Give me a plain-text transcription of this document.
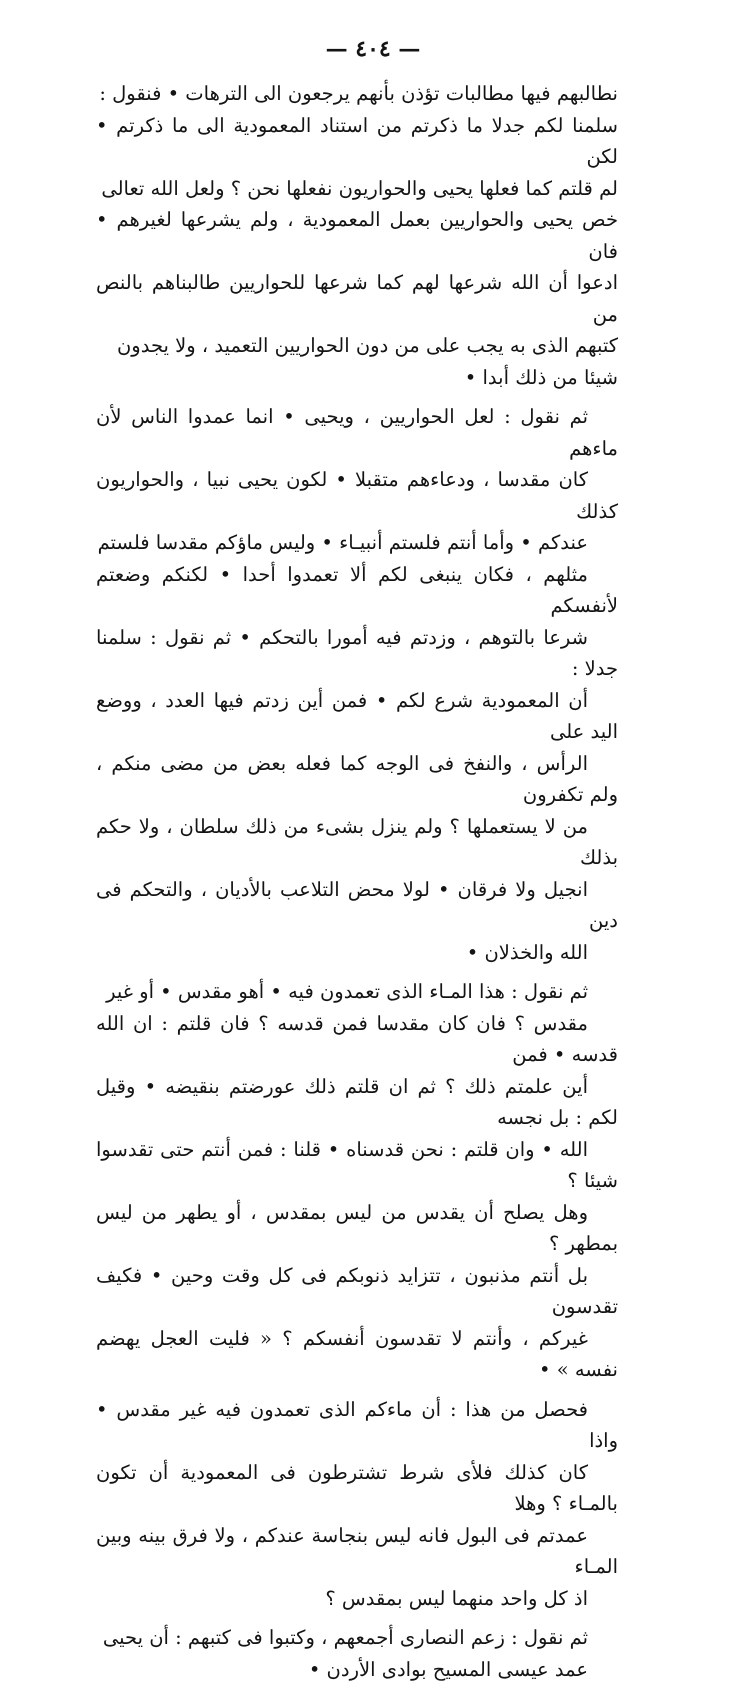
— ٤٠٤ —
نطالبهم فيها مطالبات تؤذن بأنهم يرجعون الى الترهات • فنقول :
سلمنا لكم جدلا ما ذكرتم من استناد المعمودية الى ما ذكرتم • لكن
لم قلتم كما فعلها يحيى والحواريون نفعلها نحن ؟ ولعل الله تعالى
خص يحيى والحواريين بعمل المعمودية ، ولم يشرعها لغيرهم • فان
ادعوا أن الله شرعها لهم كما شرعها للحواريين طالبناهم بالنص من
كتبهم الذى به يجب على من دون الحواريين التعميد ، ولا يجدون
شيئا من ذلك أبدا •
ثم نقول : لعل الحواريين ، ويحيى • انما عمدوا الناس لأن ماءهم
كان مقدسا ، ودعاءهم متقبلا • لكون يحيى نبيا ، والحواريون كذلك
عندكم • وأما أنتم فلستم أنبيـاء • وليس ماؤكم مقدسا فلستم
مثلهم ، فكان ينبغى لكم ألا تعمدوا أحدا • لكنكم وضعتم لأنفسكم
شرعا بالتوهم ، وزدتم فيه أمورا بالتحكم • ثم نقول : سلمنا جدلا :
أن المعمودية شرع لكم • فمن أين زدتم فيها العدد ، ووضع اليد على
الرأس ، والنفخ فى الوجه كما فعله بعض من مضى منكم ، ولم تكفرون
من لا يستعملها ؟ ولم ينزل بشىء من ذلك سلطان ، ولا حكم بذلك
انجيل ولا فرقان • لولا محض التلاعب بالأديان ، والتحكم فى دين
الله والخذلان •
ثم نقول : هذا المـاء الذى تعمدون فيه • أهو مقدس • أو غير
مقدس ؟ فان كان مقدسا فمن قدسه ؟ فان قلتم : ان الله قدسه • فمن
أين علمتم ذلك ؟ ثم ان قلتم ذلك عورضتم بنقيضه • وقيل لكم : بل نجسه
الله • وان قلتم : نحن قدسناه • قلنا : فمن أنتم حتى تقدسوا شيئا ؟
وهل يصلح أن يقدس من ليس بمقدس ، أو يطهر من ليس بمطهر ؟
بل أنتم مذنبون ، تتزايد ذنوبكم فى كل وقت وحين • فكيف تقدسون
غيركم ، وأنتم لا تقدسون أنفسكم ؟ « فليت العجل يهضم نفسه » •
فحصل من هذا : أن ماءكم الذى تعمدون فيه غير مقدس • واذا
كان كذلك فلأى شرط تشترطون فى المعمودية أن تكون بالمـاء ؟ وهلا
عمدتم فى البول فانه ليس بنجاسة عندكم ، ولا فرق بينه وبين المـاء
اذ كل واحد منهما ليس بمقدس ؟
ثم نقول : زعم النصارى أجمعهم ، وكتبوا فى كتبهم : أن يحيى
عمد عيسى المسيح بوادى الأردن •
